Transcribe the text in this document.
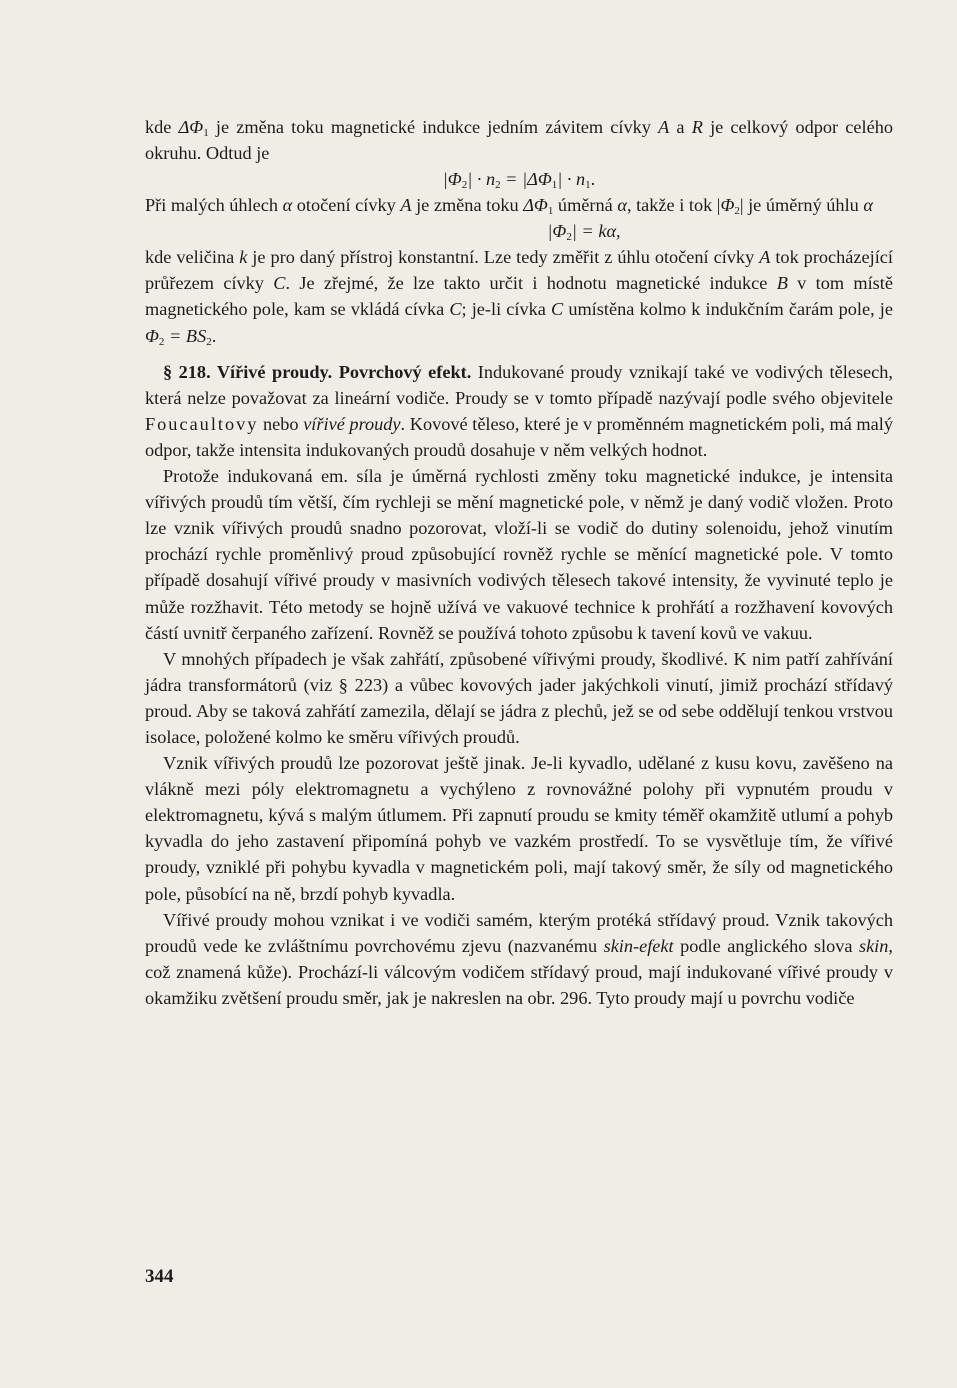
kde $\Delta\Phi_1$ je změna toku magnetické indukce jedním závitem cívky A a R je celkový odpor celého okruhu. Odtud je

$|\Phi_2| \cdot n_2 = |\Delta\Phi_1| \cdot n_1$.

Při malých úhlech α otočení cívky A je změna toku $\Delta\Phi_1$ úměrná α, takže i tok $|\Phi_2|$ je úměrný úhlu α

$|\Phi_2| = k\alpha$,

kde veličina k je pro daný přístroj konstantní. Lze tedy změřit z úhlu otočení cívky A tok procházející průřezem cívky C. Je zřejmé, že lze takto určit i hodnotu magnetické indukce B v tom místě magnetického pole, kam se vkládá cívka C; je-li cívka C umístěna kolmo k indukčním čarám pole, je $\Phi_2 = BS_2$.

§ 218. Vířivé proudy. Povrchový efekt. Indukované proudy vznikají také ve vodivých tělesech, která nelze považovat za lineární vodiče. Proudy se v tomto případě nazývají podle svého objevitele Foucaultovy nebo vířivé proudy. Kovové těleso, které je v proměnném magnetickém poli, má malý odpor, takže intensita indukovaných proudů dosahuje v něm velkých hodnot.

Protože indukovaná em. síla je úměrná rychlosti změny toku magnetické indukce, je intensita vířivých proudů tím větší, čím rychleji se mění magnetické pole, v němž je daný vodič vložen. Proto lze vznik vířivých proudů snadno pozorovat, vloží-li se vodič do dutiny solenoidu, jehož vinutím prochází rychle proměnlivý proud způsobující rovněž rychle se měnící magnetické pole. V tomto případě dosahují vířivé proudy v masivních vodivých tělesech takové intensity, že vyvinuté teplo je může rozžhavit. Této metody se hojně užívá ve vakuové technice k prohřátí a rozžhavení kovových částí uvnitř čerpaného zařízení. Rovněž se používá tohoto způsobu k tavení kovů ve vakuu.

V mnohých případech je však zahřátí, způsobené vířivými proudy, škodlivé. K nim patří zahřívání jádra transformátorů (viz § 223) a vůbec kovových jader jakýchkoli vinutí, jimiž prochází střídavý proud. Aby se taková zahřátí zamezila, dělají se jádra z plechů, jež se od sebe oddělují tenkou vrstvou isolace, položené kolmo ke směru vířivých proudů.

Vznik vířivých proudů lze pozorovat ještě jinak. Je-li kyvadlo, udělané z kusu kovu, zavěšeno na vlákně mezi póly elektromagnetu a vychýleno z rovnovážné polohy při vypnutém proudu v elektromagnetu, kývá s malým útlumem. Při zapnutí proudu se kmity téměř okamžitě utlumí a pohyb kyvadla do jeho zastavení připomíná pohyb ve vazkém prostředí. To se vysvětluje tím, že vířivé proudy, vzniklé při pohybu kyvadla v magnetickém poli, mají takový směr, že síly od magnetického pole, působící na ně, brzdí pohyb kyvadla.

Vířivé proudy mohou vznikat i ve vodiči samém, kterým protéká střídavý proud. Vznik takových proudů vede ke zvláštnímu povrchovému zjevu (nazvanému skin-efekt podle anglického slova skin, což znamená kůže). Prochází-li válcovým vodičem střídavý proud, mají indukované vířivé proudy v okamžiku zvětšení proudu směr, jak je nakreslen na obr. 296. Tyto proudy mají u povrchu vodiče

344
